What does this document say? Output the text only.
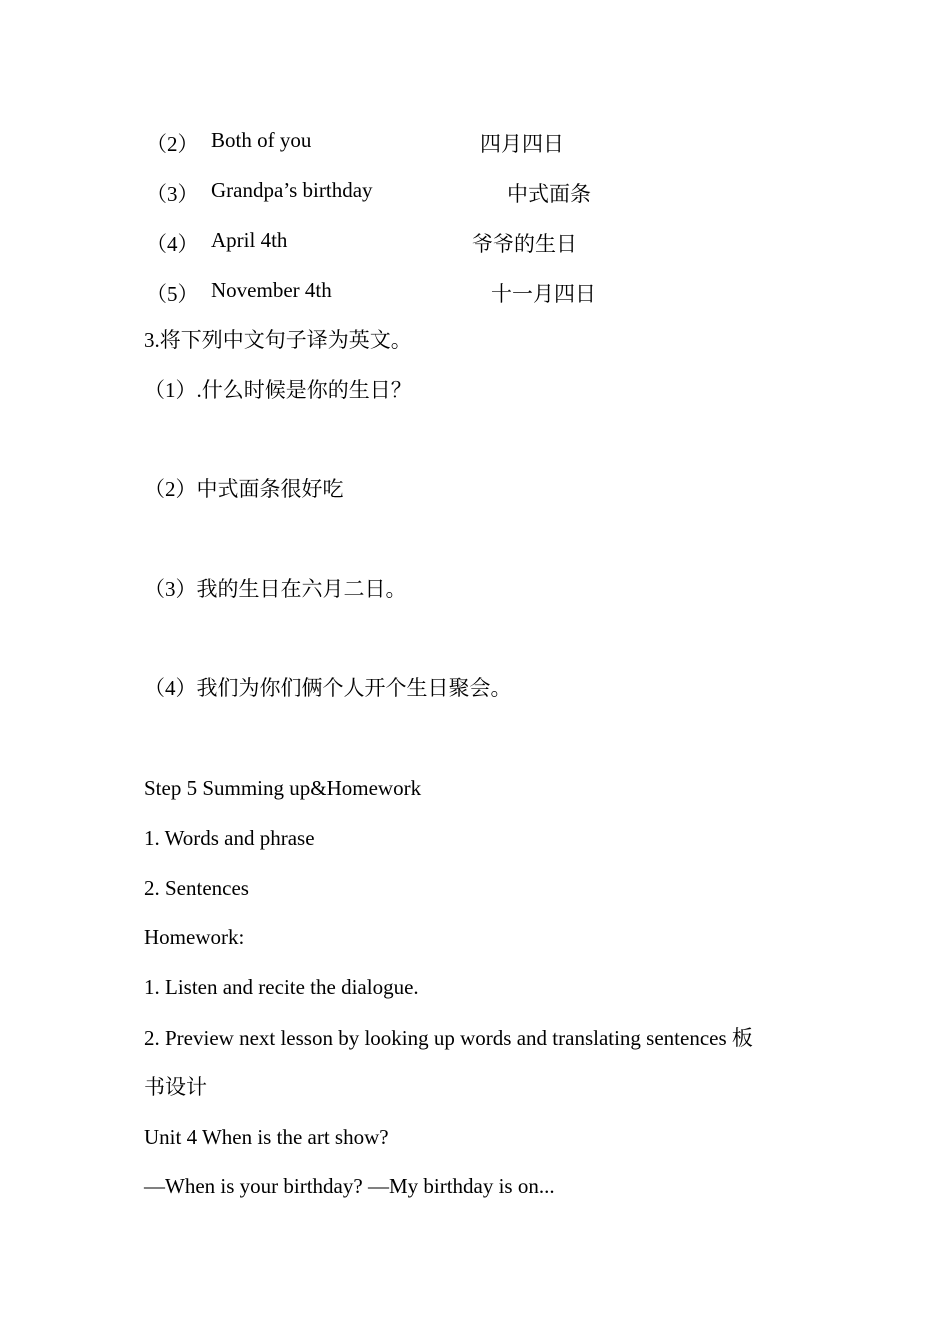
（2） Both of you	四月四日
（3） Grandpa’s birthday	中式面条
（4） April 4th	爷爷的生日
（5） November 4th	十一月四日
3.将下列中文句子译为英文。
（1）.什么时候是你的生日？
（2）中式面条很好吃
（3）我的生日在六月二日。
（4）我们为你们俩个人开个生日聚会。
Step 5 Summing up&Homework
1. Words and phrase
2. Sentences
Homework:
1. Listen and recite the dialogue.
2. Preview next lesson by looking up words and translating sentences 板
书设计
Unit 4 When is the art show?
—When is your birthday? —My birthday is on...
